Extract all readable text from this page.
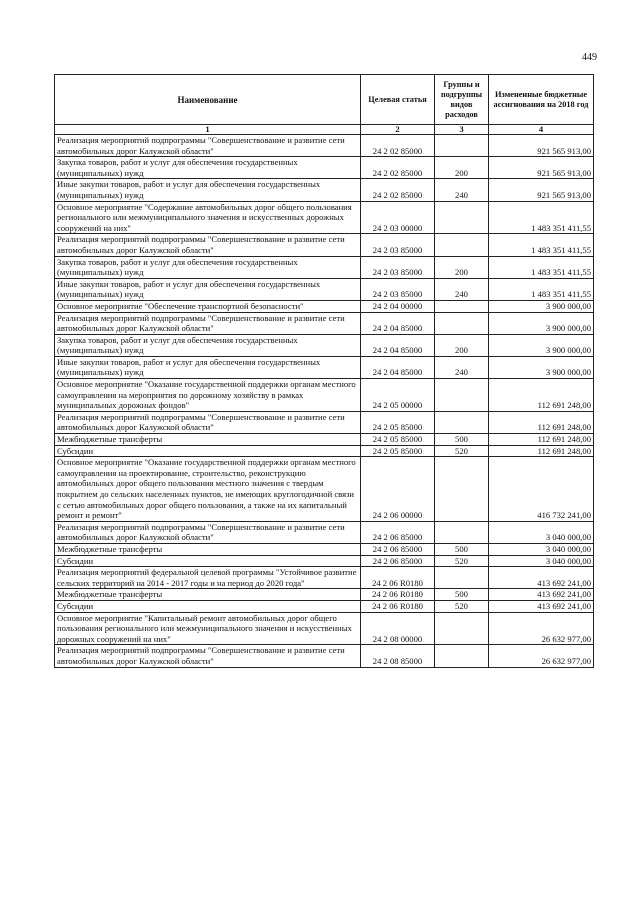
449
Наименование	Целевая статья	Группы и подгруппы видов расходов	Измененные бюджетные ассигнования на 2018 год
1	2	3	4
Реализация мероприятий подпрограммы "Совершенствование и развитие сети автомобильных дорог Калужской области"	24 2 02 85000		921 565 913,00
Закупка товаров, работ и услуг для обеспечения государственных (муниципальных) нужд	24 2 02 85000	200	921 565 913,00
Иные закупки товаров, работ и услуг для обеспечения государственных (муниципальных) нужд	24 2 02 85000	240	921 565 913,00
Основное мероприятие "Содержание автомобильных дорог общего пользования регионального или межмуниципального значения и искусственных дорожных сооружений на них"	24 2 03 00000		1 483 351 411,55
Реализация мероприятий подпрограммы "Совершенствование и развитие сети автомобильных дорог Калужской области"	24 2 03 85000		1 483 351 411,55
Закупка товаров, работ и услуг для обеспечения государственных (муниципальных) нужд	24 2 03 85000	200	1 483 351 411,55
Иные закупки товаров, работ и услуг для обеспечения государственных (муниципальных) нужд	24 2 03 85000	240	1 483 351 411,55
Основное мероприятие "Обеспечение транспортной безопасности"	24 2 04 00000		3 900 000,00
Реализация мероприятий подпрограммы "Совершенствование и развитие сети автомобильных дорог Калужской области"	24 2 04 85000		3 900 000,00
Закупка товаров, работ и услуг для обеспечения государственных (муниципальных) нужд	24 2 04 85000	200	3 900 000,00
Иные закупки товаров, работ и услуг для обеспечения государственных (муниципальных) нужд	24 2 04 85000	240	3 900 000,00
Основное мероприятие "Оказание государственной поддержки органам местного самоуправления на мероприятия по дорожному хозяйству в рамках муниципальных дорожных фондов"	24 2 05 00000		112 691 248,00
Реализация мероприятий подпрограммы "Совершенствование и развитие сети автомобильных дорог Калужской области"	24 2 05 85000		112 691 248,00
Межбюджетные трансферты	24 2 05 85000	500	112 691 248,00
Субсидии	24 2 05 85000	520	112 691 248,00
Основное мероприятие "Оказание государственной поддержки органам местного самоуправления на проектирование, строительство, реконструкцию автомобильных дорог общего пользования местного значения с твердым покрытием до сельских населенных пунктов, не имеющих круглогодичной связи с сетью автомобильных дорог общего пользования, а также на их капитальный ремонт и ремонт"	24 2 06 00000		416 732 241,00
Реализация мероприятий подпрограммы "Совершенствование и развитие сети автомобильных дорог Калужской области"	24 2 06 85000		3 040 000,00
Межбюджетные трансферты	24 2 06 85000	500	3 040 000,00
Субсидии	24 2 06 85000	520	3 040 000,00
Реализация мероприятий федеральной целевой программы "Устойчивое развитие сельских территорий на 2014 - 2017 годы и на период до 2020 года"	24 2 06 R0180		413 692 241,00
Межбюджетные трансферты	24 2 06 R0180	500	413 692 241,00
Субсидии	24 2 06 R0180	520	413 692 241,00
Основное мероприятие "Капитальный ремонт автомобильных дорог общего пользования регионального или межмуниципального значения и искусственных дорожных сооружений на них"	24 2 08 00000		26 632 977,00
Реализация мероприятий подпрограммы "Совершенствование и развитие сети автомобильных дорог Калужской области"	24 2 08 85000		26 632 977,00
